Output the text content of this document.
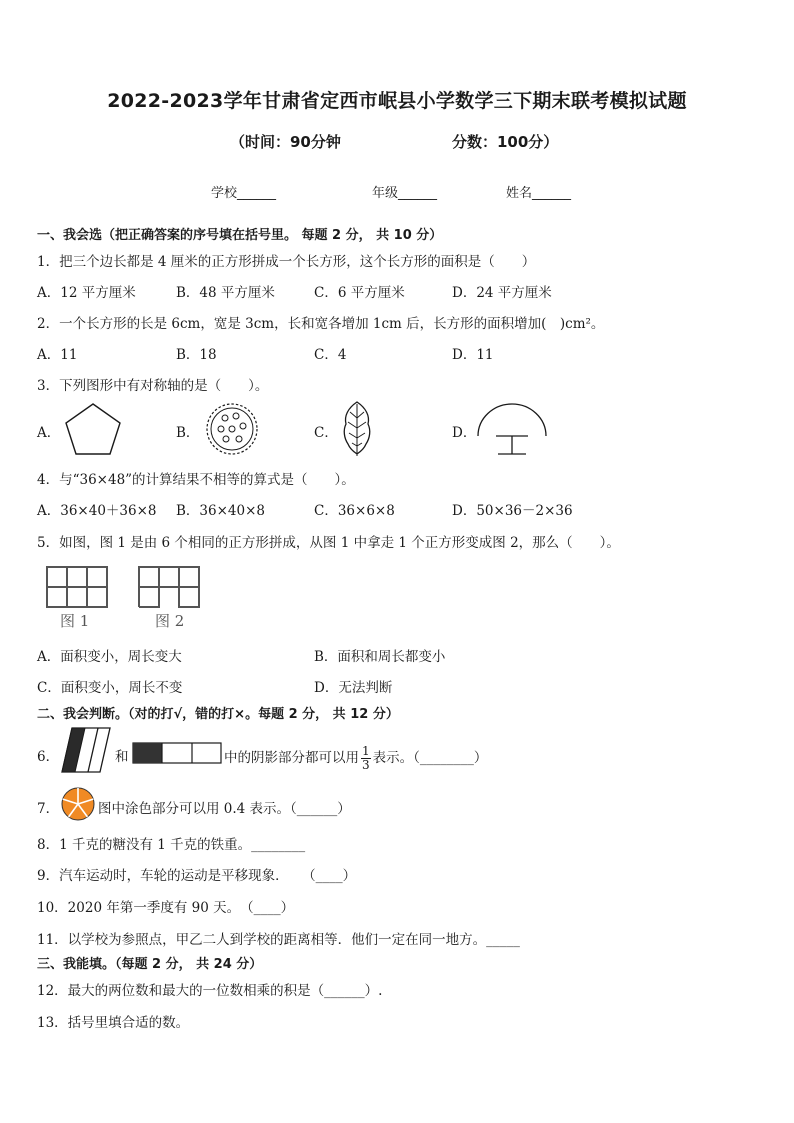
2022-2023学年甘肃省定西市岷县小学数学三下期末联考模拟试题
（时间：90分钟	分数：100分）
学校______	年级______	姓名______
一、我会选（把正确答案的序号填在括号里。 每题 2 分， 共 10 分）
1．把三个边长都是 4 厘米的正方形拼成一个长方形，这个长方形的面积是（　　）
A．12 平方厘米	B．48 平方厘米	C．6 平方厘米	D．24 平方厘米
2．一个长方形的长是 6cm，宽是 3cm，长和宽各增加 1cm 后，长方形的面积增加(　)cm²。
A．11	B．18	C．4	D．11
3．下列图形中有对称轴的是（　　）。
A．	B．	C．	D．
4．与“36×48”的计算结果不相等的算式是（　　）。
A．36×40＋36×8 B．36×40×8	C．36×6×8	D．50×36－2×36
5．如图，图 1 是由 6 个相同的正方形拼成，从图 1 中拿走 1 个正方形变成图 2，那么（　　）。
图 1	图 2
A．面积变小，周长变大	B．面积和周长都变小
C．面积变小，周长不变	D．无法判断
二、我会判断。（对的打√，错的打×。每题 2 分， 共 12 分）
6．	和	中的阴影部分都可以用 $\frac{1}{3}$ 表示。（________）
7．	图中涂色部分可以用 0.4 表示。（______）
8．1 千克的糖没有 1 千克的铁重。________
9．汽车运动时，车轮的运动是平移现象．　　（____）
10．2020 年第一季度有 90 天。　（____）
11．以学校为参照点，甲乙二人到学校的距离相等．他们一定在同一地方。_____
三、我能填。（每题 2 分， 共 24 分）
12．最大的两位数和最大的一位数相乘的积是（______）.
13．括号里填合适的数。
